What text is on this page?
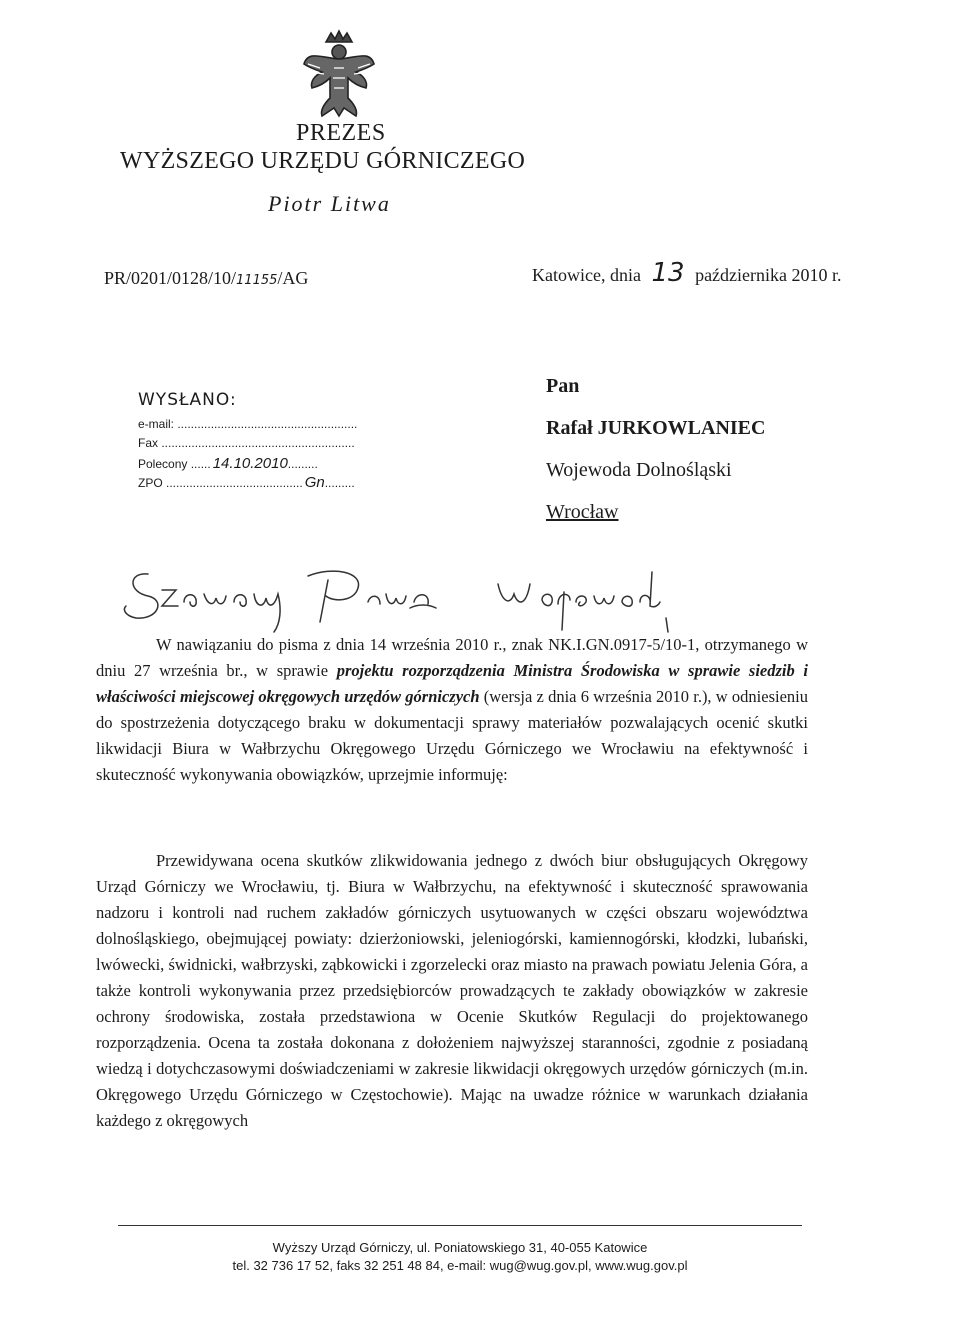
PREZES
WYŻSZEGO URZĘDU GÓRNICZEGO
Piotr Litwa
PR/0201/0128/10/11155/AG	Katowice, dnia 13 października 2010 r.
WYSŁANO:
e-mail: ......................................................
Fax ..........................................................
Polecony ...... 14.10.2010.........
ZPO ......................................... Gn.........
Pan
Rafał JURKOWLANIEC
Wojewoda Dolnośląski
Wrocław
W nawiązaniu do pisma z dnia 14 września 2010 r., znak NK.I.GN.0917-5/10-1, otrzymanego w dniu 27 września br., w sprawie projektu rozporządzenia Ministra Środowiska w sprawie siedzib i właściwości miejscowej okręgowych urzędów górniczych (wersja z dnia 6 września 2010 r.), w odniesieniu do spostrzeżenia dotyczącego braku w dokumentacji sprawy materiałów pozwalających ocenić skutki likwidacji Biura w Wałbrzychu Okręgowego Urzędu Górniczego we Wrocławiu na efektywność i skuteczność wykonywania obowiązków, uprzejmie informuję:
Przewidywana ocena skutków zlikwidowania jednego z dwóch biur obsługujących Okręgowy Urząd Górniczy we Wrocławiu, tj. Biura w Wałbrzychu, na efektywność i skuteczność sprawowania nadzoru i kontroli nad ruchem zakładów górniczych usytuowanych w części obszaru województwa dolnośląskiego, obejmującej powiaty: dzierżoniowski, jeleniogórski, kamiennogórski, kłodzki, lubański, lwówecki, świdnicki, wałbrzyski, ząbkowicki i zgorzelecki oraz miasto na prawach powiatu Jelenia Góra, a także kontroli wykonywania przez przedsiębiorców prowadzących te zakłady obowiązków w zakresie ochrony środowiska, została przedstawiona w Ocenie Skutków Regulacji do projektowanego rozporządzenia. Ocena ta została dokonana z dołożeniem najwyższej staranności, zgodnie z posiadaną wiedzą i dotychczasowymi doświadczeniami w zakresie likwidacji okręgowych urzędów górniczych (m.in. Okręgowego Urzędu Górniczego w Częstochowie). Mając na uwadze różnice w warunkach działania każdego z okręgowych
Wyższy Urząd Górniczy, ul. Poniatowskiego 31, 40-055 Katowice
tel. 32 736 17 52, faks 32 251 48 84, e-mail: wug@wug.gov.pl, www.wug.gov.pl
